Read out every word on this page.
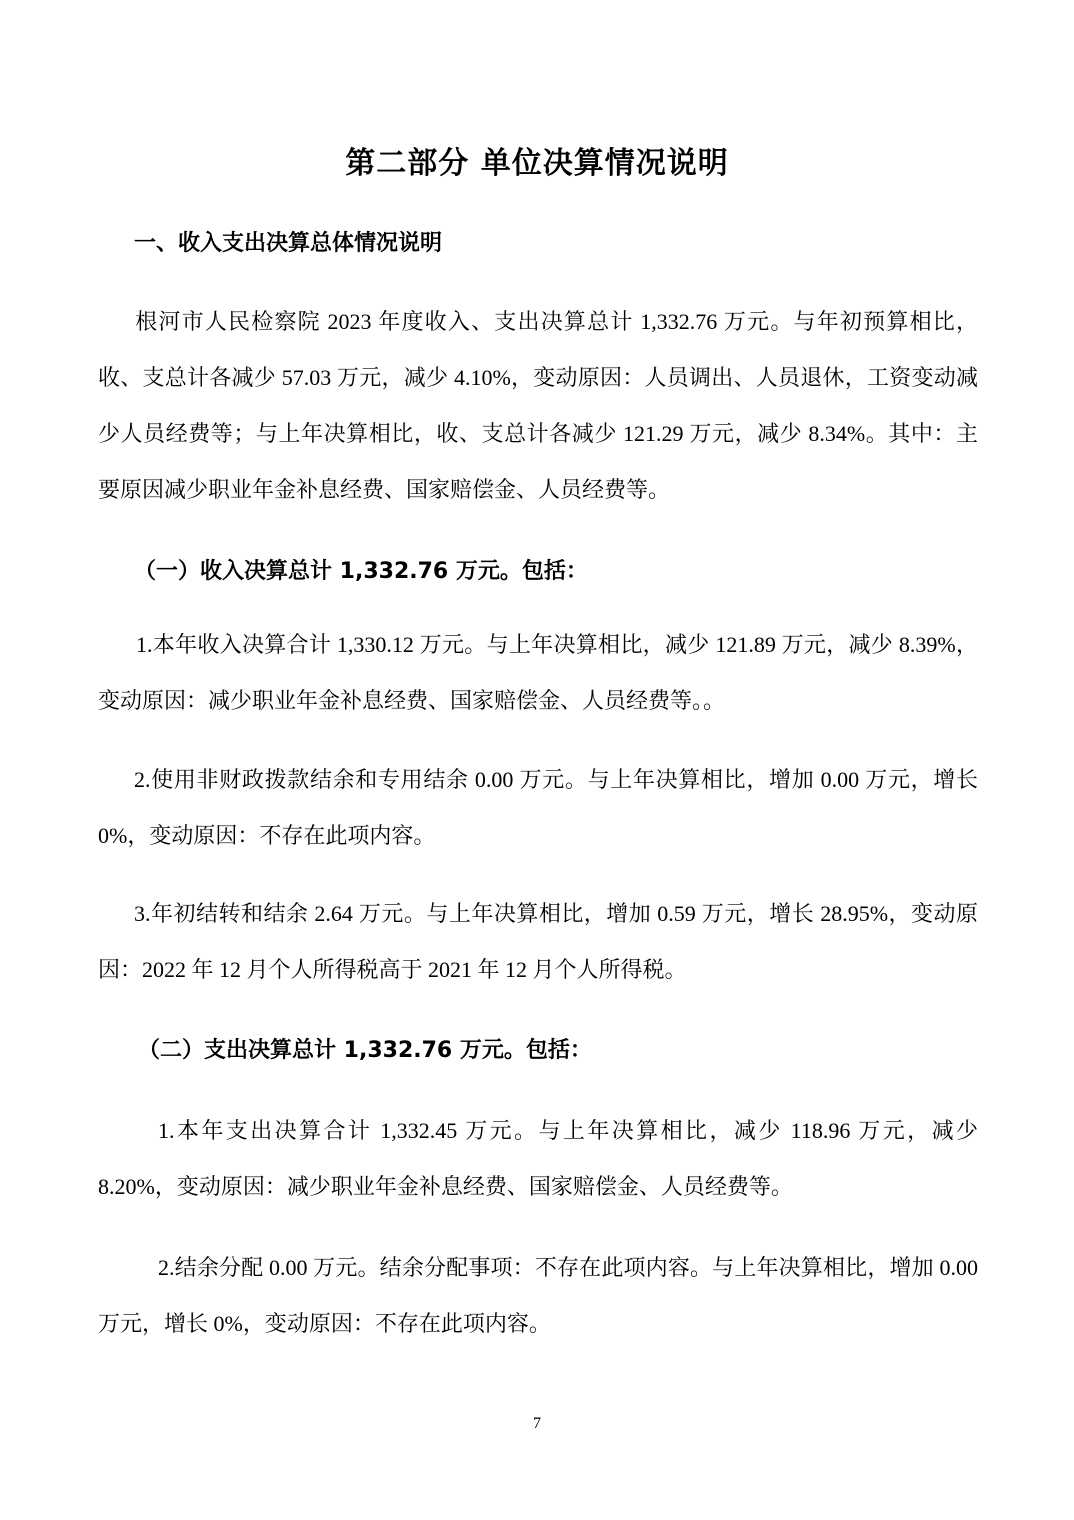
第二部分 单位决算情况说明
一、收入支出决算总体情况说明
根河市人民检察院 2023 年度收入、支出决算总计 1,332.76 万元。与年初预算相比，收、支总计各减少 57.03 万元，减少 4.10%，变动原因：人员调出、人员退休，工资变动减少人员经费等；与上年决算相比，收、支总计各减少 121.29 万元，减少 8.34%。其中：主要原因减少职业年金补息经费、国家赔偿金、人员经费等。
（一）收入决算总计 1,332.76 万元。包括：
1.本年收入决算合计 1,330.12 万元。与上年决算相比，减少 121.89 万元，减少 8.39%，变动原因：减少职业年金补息经费、国家赔偿金、人员经费等。。
2.使用非财政拨款结余和专用结余 0.00 万元。与上年决算相比，增加 0.00 万元，增长 0%，变动原因：不存在此项内容。
3.年初结转和结余 2.64 万元。与上年决算相比，增加 0.59 万元，增长 28.95%，变动原因：2022 年 12 月个人所得税高于 2021 年 12 月个人所得税。
（二）支出决算总计 1,332.76 万元。包括：
1.本年支出决算合计 1,332.45 万元。与上年决算相比，减少 118.96 万元，减少 8.20%，变动原因：减少职业年金补息经费、国家赔偿金、人员经费等。
2.结余分配 0.00 万元。结余分配事项：不存在此项内容。与上年决算相比，增加 0.00 万元，增长 0%，变动原因：不存在此项内容。
7
